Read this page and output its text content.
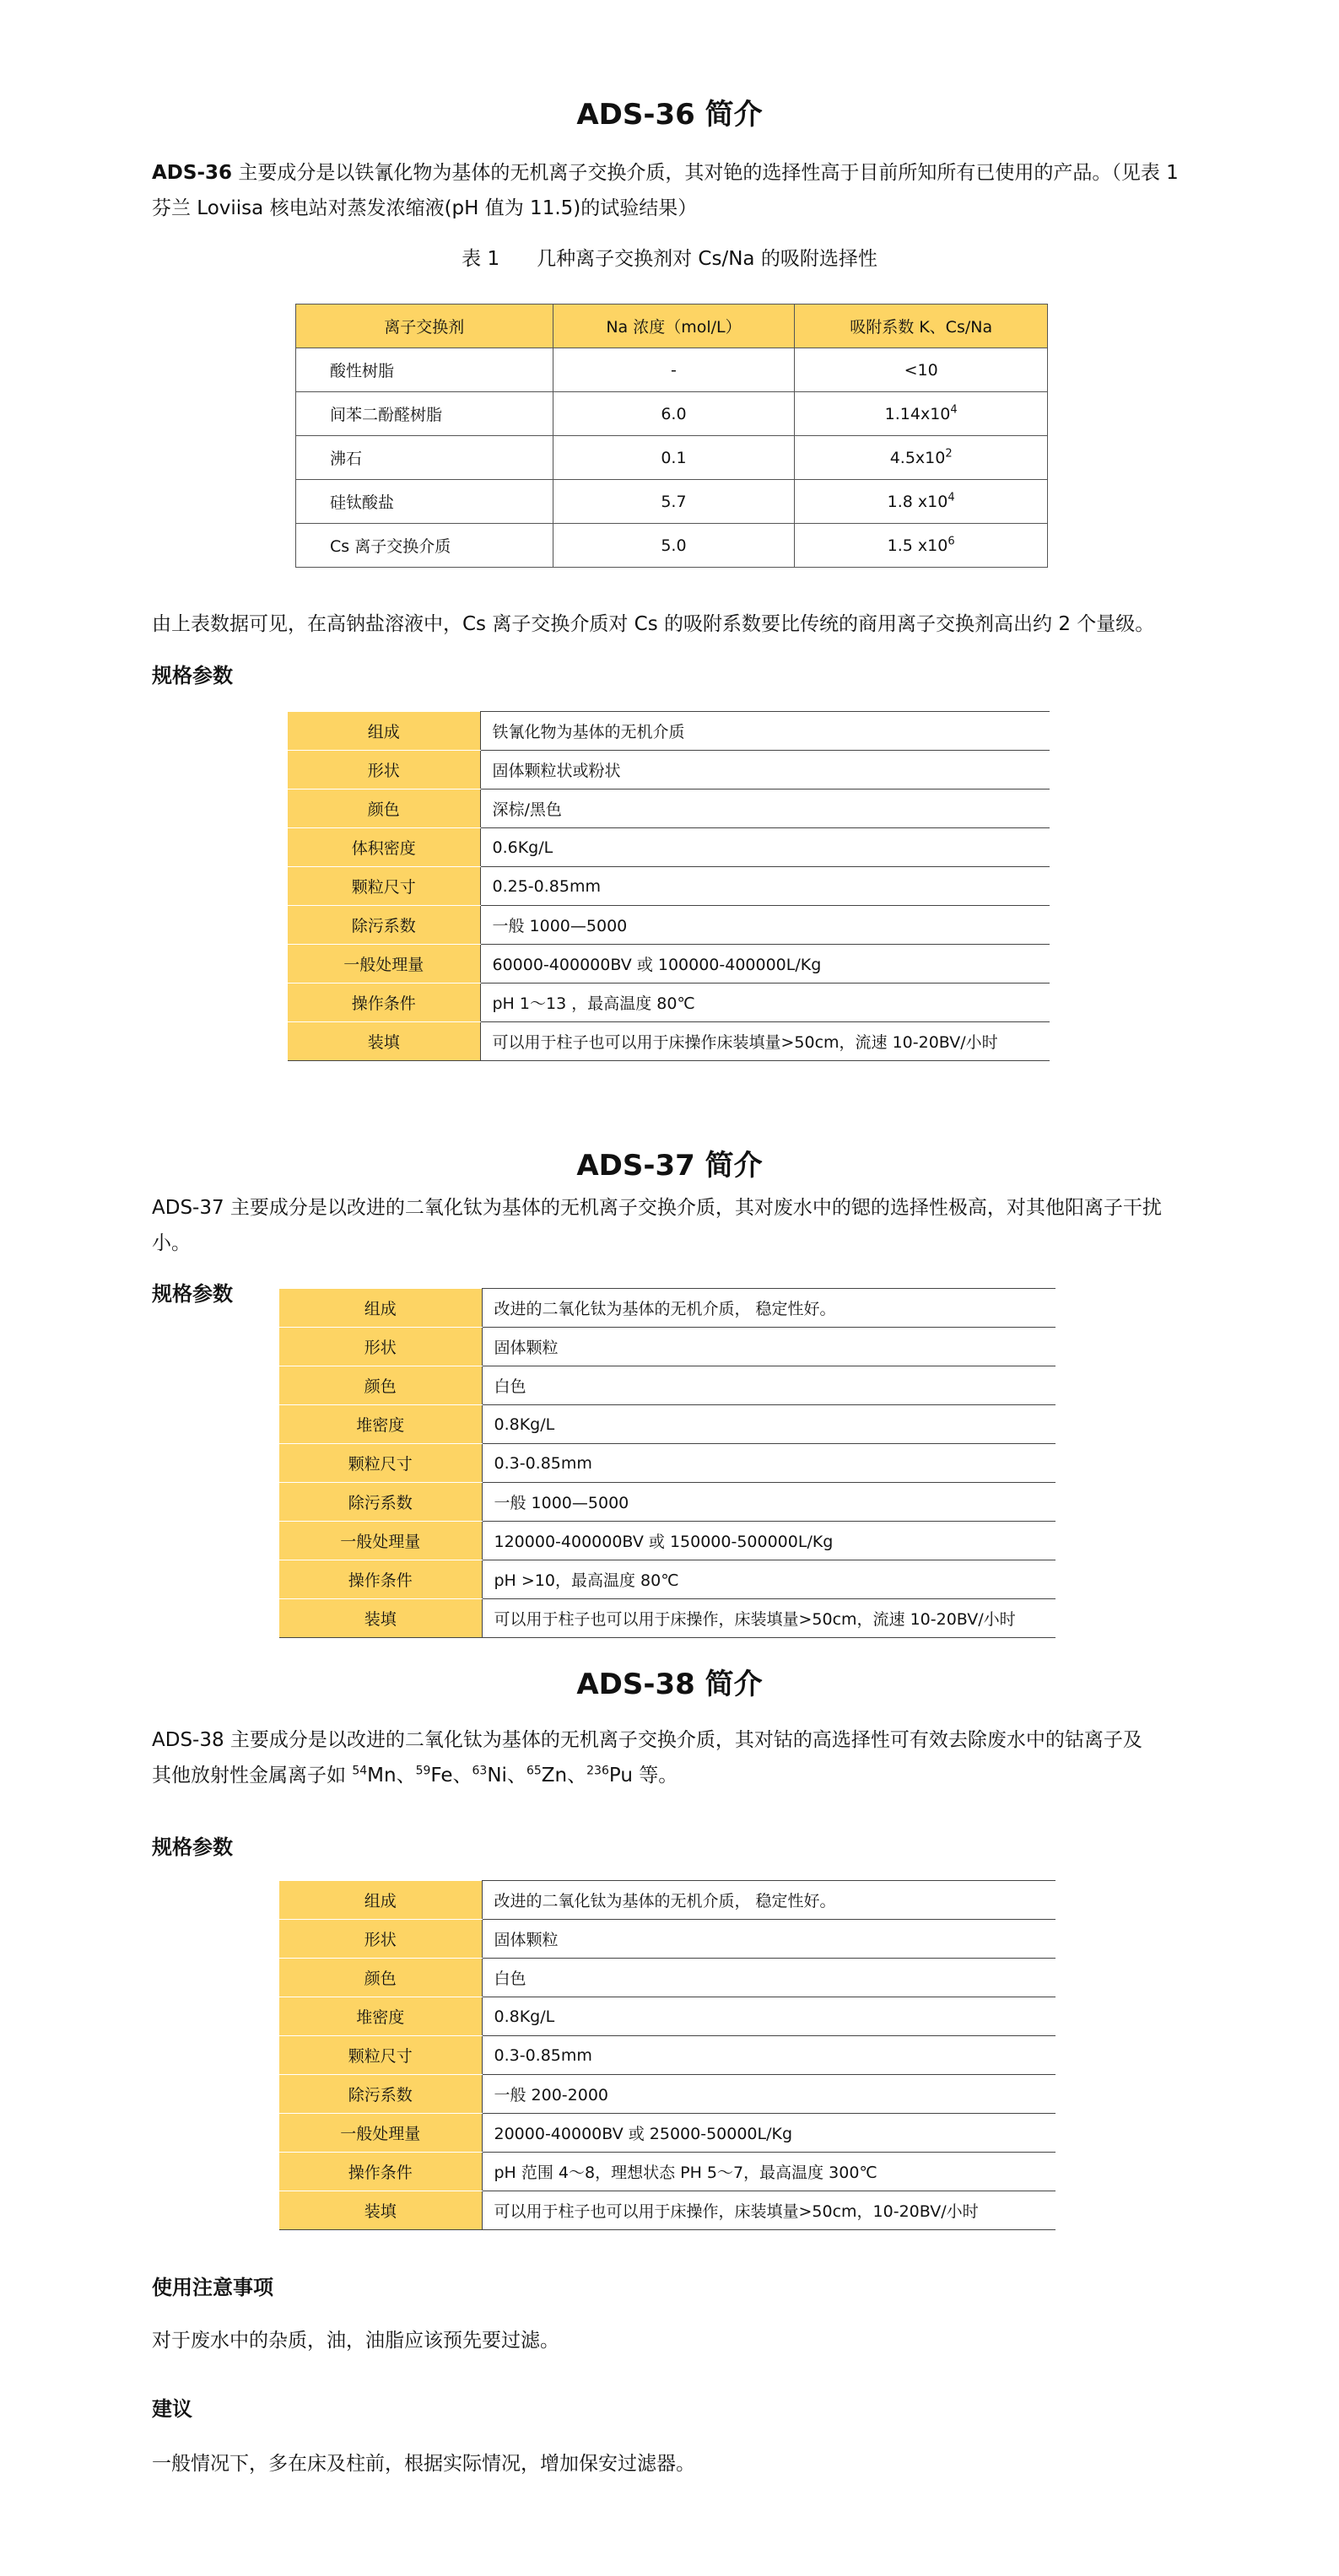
ADS-36 简介
ADS-36 主要成分是以铁氰化物为基体的无机离子交换介质，其对铯的选择性高于目前所知所有已使用的产品。（见表 1 芬兰 Loviisa 核电站对蒸发浓缩液(pH 值为 11.5)的试验结果）
表 1 几种离子交换剂对 Cs/Na 的吸附选择性
离子交换剂	Na 浓度（mol/L）	吸附系数 K、Cs/Na
酸性树脂	-	<10
间苯二酚醛树脂	6.0	$1.14x10^4$
沸石	0.1	$4.5x10^2$
硅钛酸盐	5.7	1.8 $x10^4$
Cs 离子交换介质	5.0	1.5 $x10^6$
由上表数据可见，在高钠盐溶液中，Cs 离子交换介质对 Cs 的吸附系数要比传统的商用离子交换剂高出约 2 个量级。
规格参数
组成	铁氰化物为基体的无机介质
形状	固体颗粒状或粉状
颜色	深棕/黑色
体积密度	0.6Kg/L
颗粒尺寸	0.25-0.85mm
除污系数	一般 1000—5000
一般处理量	60000-400000BV 或 100000-400000L/Kg
操作条件	pH 1～13 ，最高温度 80℃
装填	可以用于柱子也可以用于床操作床装填量>50cm，流速 10-20BV/小时
ADS-37 简介
ADS-37 主要成分是以改进的二氧化钛为基体的无机离子交换介质，其对废水中的锶的选择性极高，对其他阳离子干扰小。
规格参数
组成	改进的二氧化钛为基体的无机介质， 稳定性好。
形状	固体颗粒
颜色	白色
堆密度	0.8Kg/L
颗粒尺寸	0.3-0.85mm
除污系数	一般 1000—5000
一般处理量	120000-400000BV 或 150000-500000L/Kg
操作条件	pH >10，最高温度 80℃
装填	可以用于柱子也可以用于床操作，床装填量>50cm，流速 10-20BV/小时
ADS-38 简介
ADS-38 主要成分是以改进的二氧化钛为基体的无机离子交换介质，其对钴的高选择性可有效去除废水中的钴离子及
其他放射性金属离子如 $^{54}$Mn、$^{59}$Fe、$^{63}$Ni、$^{65}$Zn、$^{236}$Pu 等。
规格参数
组成	改进的二氧化钛为基体的无机介质， 稳定性好。
形状	固体颗粒
颜色	白色
堆密度	0.8Kg/L
颗粒尺寸	0.3-0.85mm
除污系数	一般 200-2000
一般处理量	20000-40000BV 或 25000-50000L/Kg
操作条件	pH 范围 4～8，理想状态 PH 5～7，最高温度 300℃
装填	可以用于柱子也可以用于床操作，床装填量>50cm，10-20BV/小时
使用注意事项
对于废水中的杂质，油，油脂应该预先要过滤。
建议
一般情况下，多在床及柱前，根据实际情况，增加保安过滤器。
